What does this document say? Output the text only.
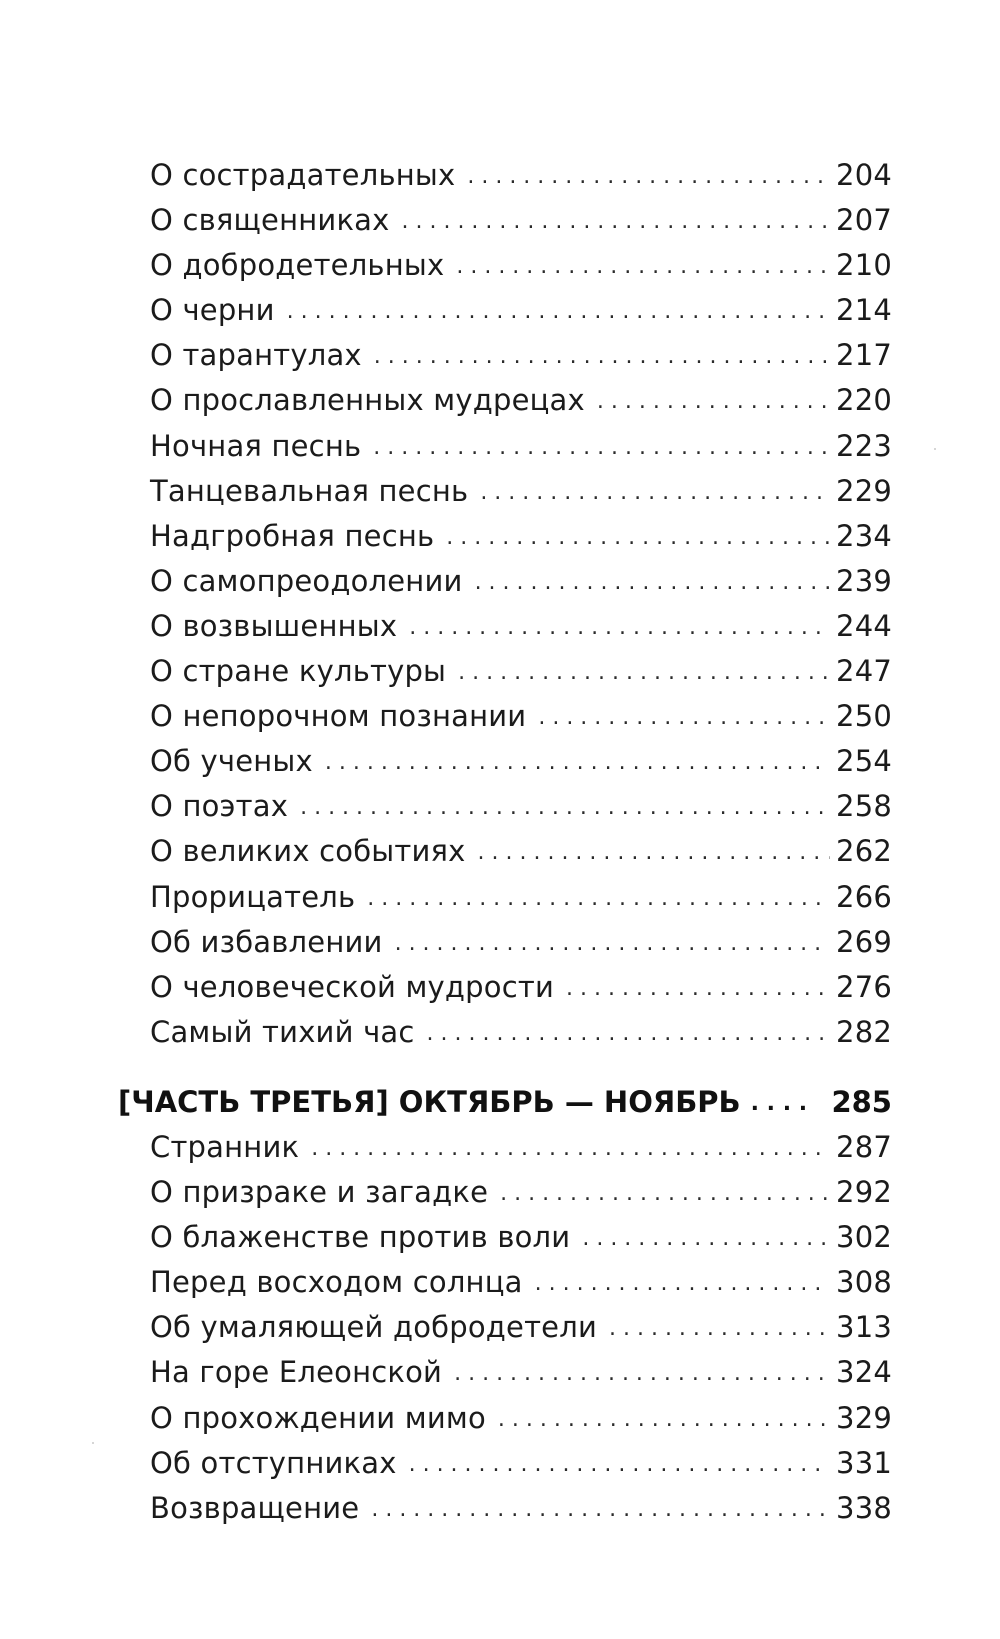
О сострадательных . . .	204
О священниках . . .	207
О добродетельных . . .	210
О черни . . .	214
О тарантулах . . .	217
О прославленных мудрецах . . .	220
Ночная песнь . . .	223
Танцевальная песнь . . .	229
Надгробная песнь . . .	234
О самопреодолении . . .	239
О возвышенных . . .	244
О стране культуры . . .	247
О непорочном познании . . .	250
Об ученых . . .	254
О поэтах . . .	258
О великих событиях . . .	262
Прорицатель . . .	266
Об избавлении . . .	269
О человеческой мудрости . . .	276
Самый тихий час . . .	282
[ЧАСТЬ ТРЕТЬЯ] ОКТЯБРЬ — НОЯБРЬ . . .	285
Странник . . .	287
О призраке и загадке . . .	292
О блаженстве против воли . . .	302
Перед восходом солнца . . .	308
Об умаляющей добродетели . . .	313
На горе Елеонской . . .	324
О прохождении мимо . . .	329
Об отступниках . . .	331
Возвращение . . .	338
